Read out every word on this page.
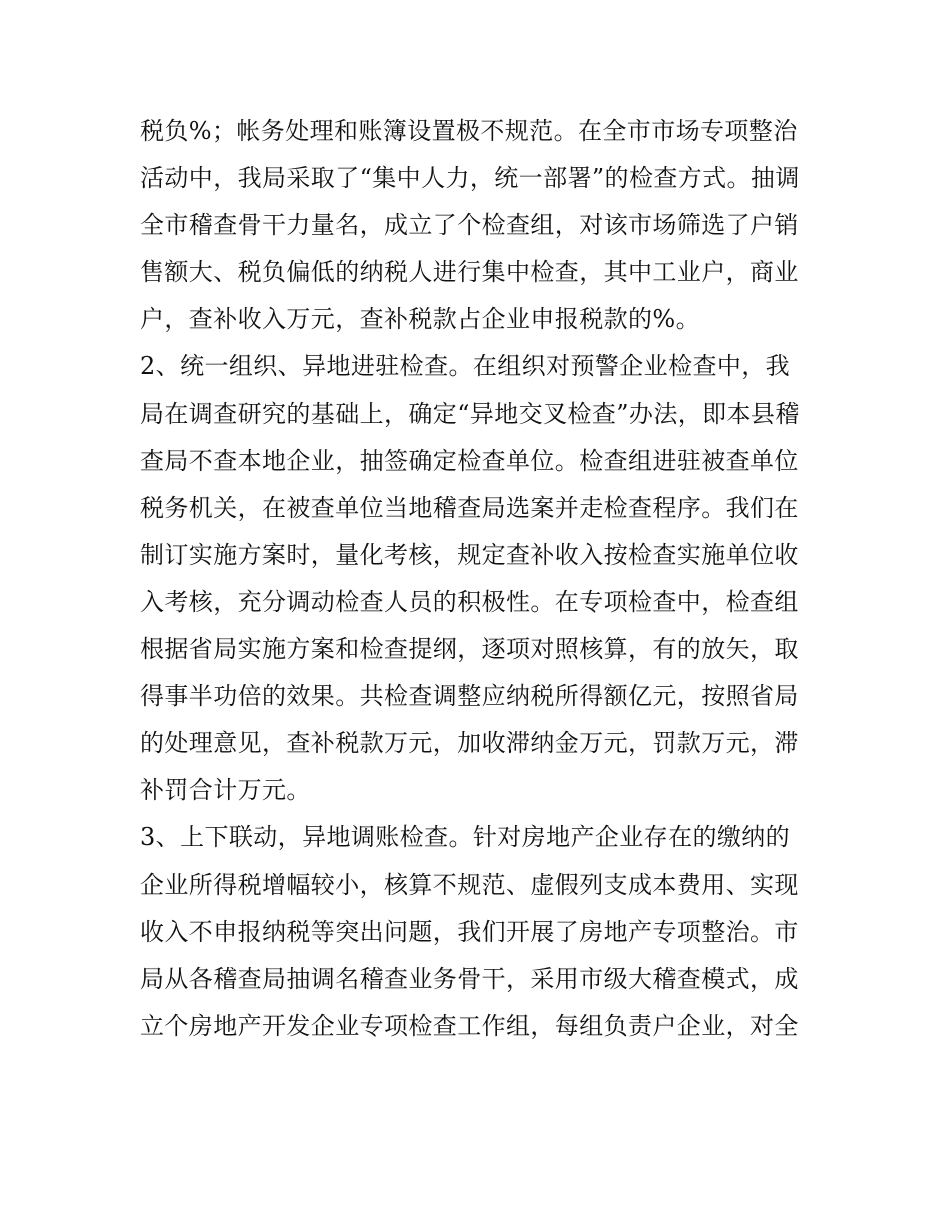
税负%；帐务处理和账簿设置极不规范。在全市市场专项整治
活动中，我局采取了“集中人力，统一部署”的检查方式。抽调
全市稽查骨干力量名，成立了个检查组，对该市场筛选了户销
售额大、税负偏低的纳税人进行集中检查，其中工业户，商业
户，查补收入万元，查补税款占企业申报税款的%。
2、统一组织、异地进驻检查。在组织对预警企业检查中，我
局在调查研究的基础上，确定“异地交叉检查”办法，即本县稽
查局不查本地企业，抽签确定检查单位。检查组进驻被查单位
税务机关，在被查单位当地稽查局选案并走检查程序。我们在
制订实施方案时，量化考核，规定查补收入按检查实施单位收
入考核，充分调动检查人员的积极性。在专项检查中，检查组
根据省局实施方案和检查提纲，逐项对照核算，有的放矢，取
得事半功倍的效果。共检查调整应纳税所得额亿元，按照省局
的处理意见，查补税款万元，加收滞纳金万元，罚款万元，滞
补罚合计万元。
3、上下联动，异地调账检查。针对房地产企业存在的缴纳的
企业所得税增幅较小，核算不规范、虚假列支成本费用、实现
收入不申报纳税等突出问题，我们开展了房地产专项整治。市
局从各稽查局抽调名稽查业务骨干，采用市级大稽查模式，成
立个房地产开发企业专项检查工作组，每组负责户企业，对全
